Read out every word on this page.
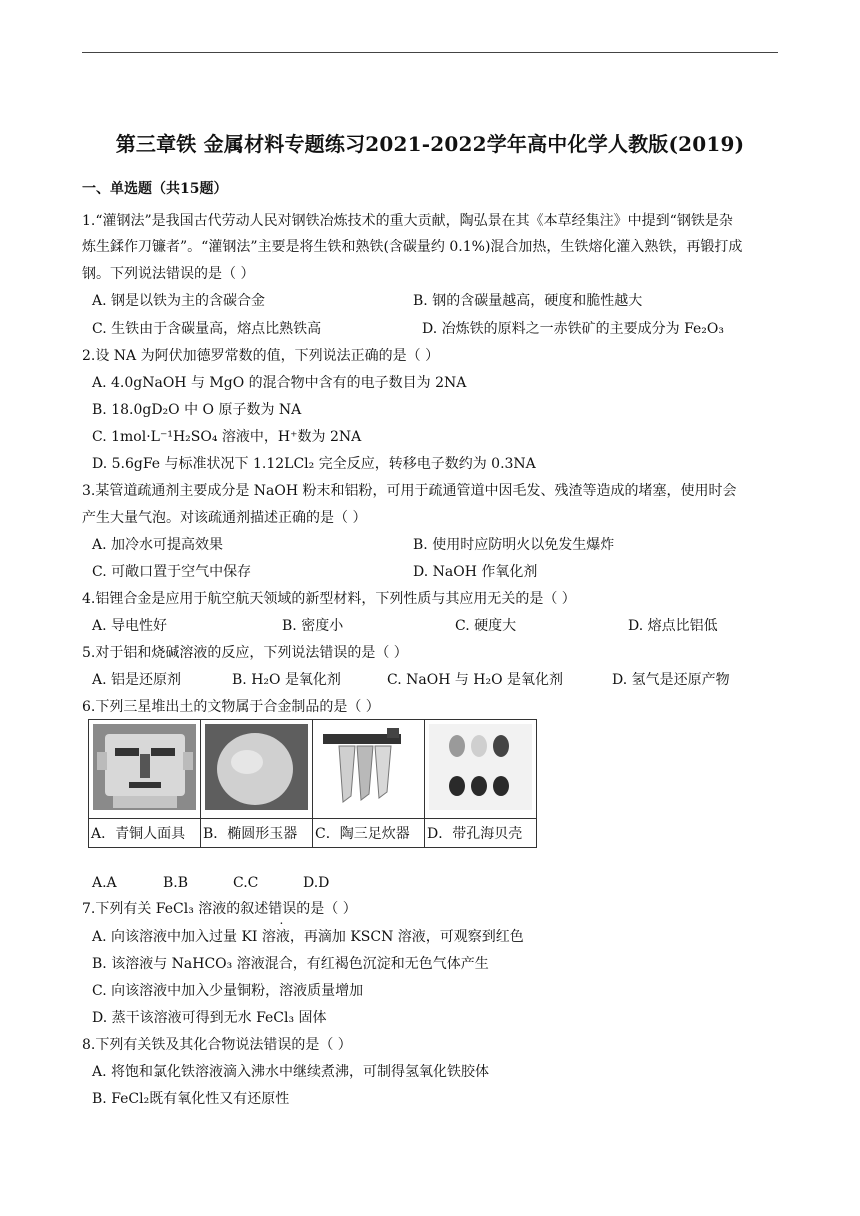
第三章铁 金属材料专题练习2021-2022学年高中化学人教版(2019)
一、单选题（共15题）
1.“灌钢法”是我国古代劳动人民对钢铁冶炼技术的重大贡献，陶弘景在其《本草经集注》中提到“钢铁是杂
炼生鍒作刀镰者”。“灌钢法”主要是将生铁和熟铁(含碳量约 0.1%)混合加热，生铁熔化灌入熟铁，再锻打成
钢。下列说法错误的是（ ）
A. 钢是以铁为主的含碳合金	B. 钢的含碳量越高，硬度和脆性越大
C. 生铁由于含碳量高，熔点比熟铁高	D. 冶炼铁的原料之一赤铁矿的主要成分为 Fe₂O₃
2.设 NA 为阿伏加德罗常数的值，下列说法正确的是（ ）
A. 4.0gNaOH 与 MgO 的混合物中含有的电子数目为 2NA
B. 18.0gD₂O 中 O 原子数为 NA
C. 1mol·L⁻¹H₂SO₄ 溶液中，H⁺数为 2NA
D. 5.6gFe 与标准状况下 1.12LCl₂ 完全反应，转移电子数约为 0.3NA
3.某管道疏通剂主要成分是 NaOH 粉末和铝粉，可用于疏通管道中因毛发、残渣等造成的堵塞，使用时会
产生大量气泡。对该疏通剂描述正确的是（ ）
A. 加冷水可提高效果	B. 使用时应防明火以免发生爆炸
C. 可敞口置于空气中保存	D. NaOH 作氧化剂
4.铝锂合金是应用于航空航天领域的新型材料，下列性质与其应用无关的是（ ）
A. 导电性好	B. 密度小	C. 硬度大	D. 熔点比铝低
5.对于铝和烧碱溶液的反应，下列说法错误的是（ ）
A. 铝是还原剂	B. H₂O 是氧化剂	C. NaOH 与 H₂O 是氧化剂	D. 氢气是还原产物
6.下列三星堆出土的文物属于合金制品的是（ ）

A．青铜人面具	B．椭圆形玉器	C．陶三足炊器	D．带孔海贝壳
A.A	B.B	C.C	D.D
7.下列有关 FeCl₃ 溶液的叙述错误的是（ ）
A. 向该溶液中加入过量 KI 溶液，再滴加 KSCN 溶液，可观察到红色
B. 该溶液与 NaHCO₃ 溶液混合，有红褐色沉淀和无色气体产生
C. 向该溶液中加入少量铜粉，溶液质量增加
D. 蒸干该溶液可得到无水 FeCl₃ 固体
8.下列有关铁及其化合物说法错误的是（ ）
A. 将饱和氯化铁溶液滴入沸水中继续煮沸，可制得氢氧化铁胶体
B. FeCl₂既有氧化性又有还原性
